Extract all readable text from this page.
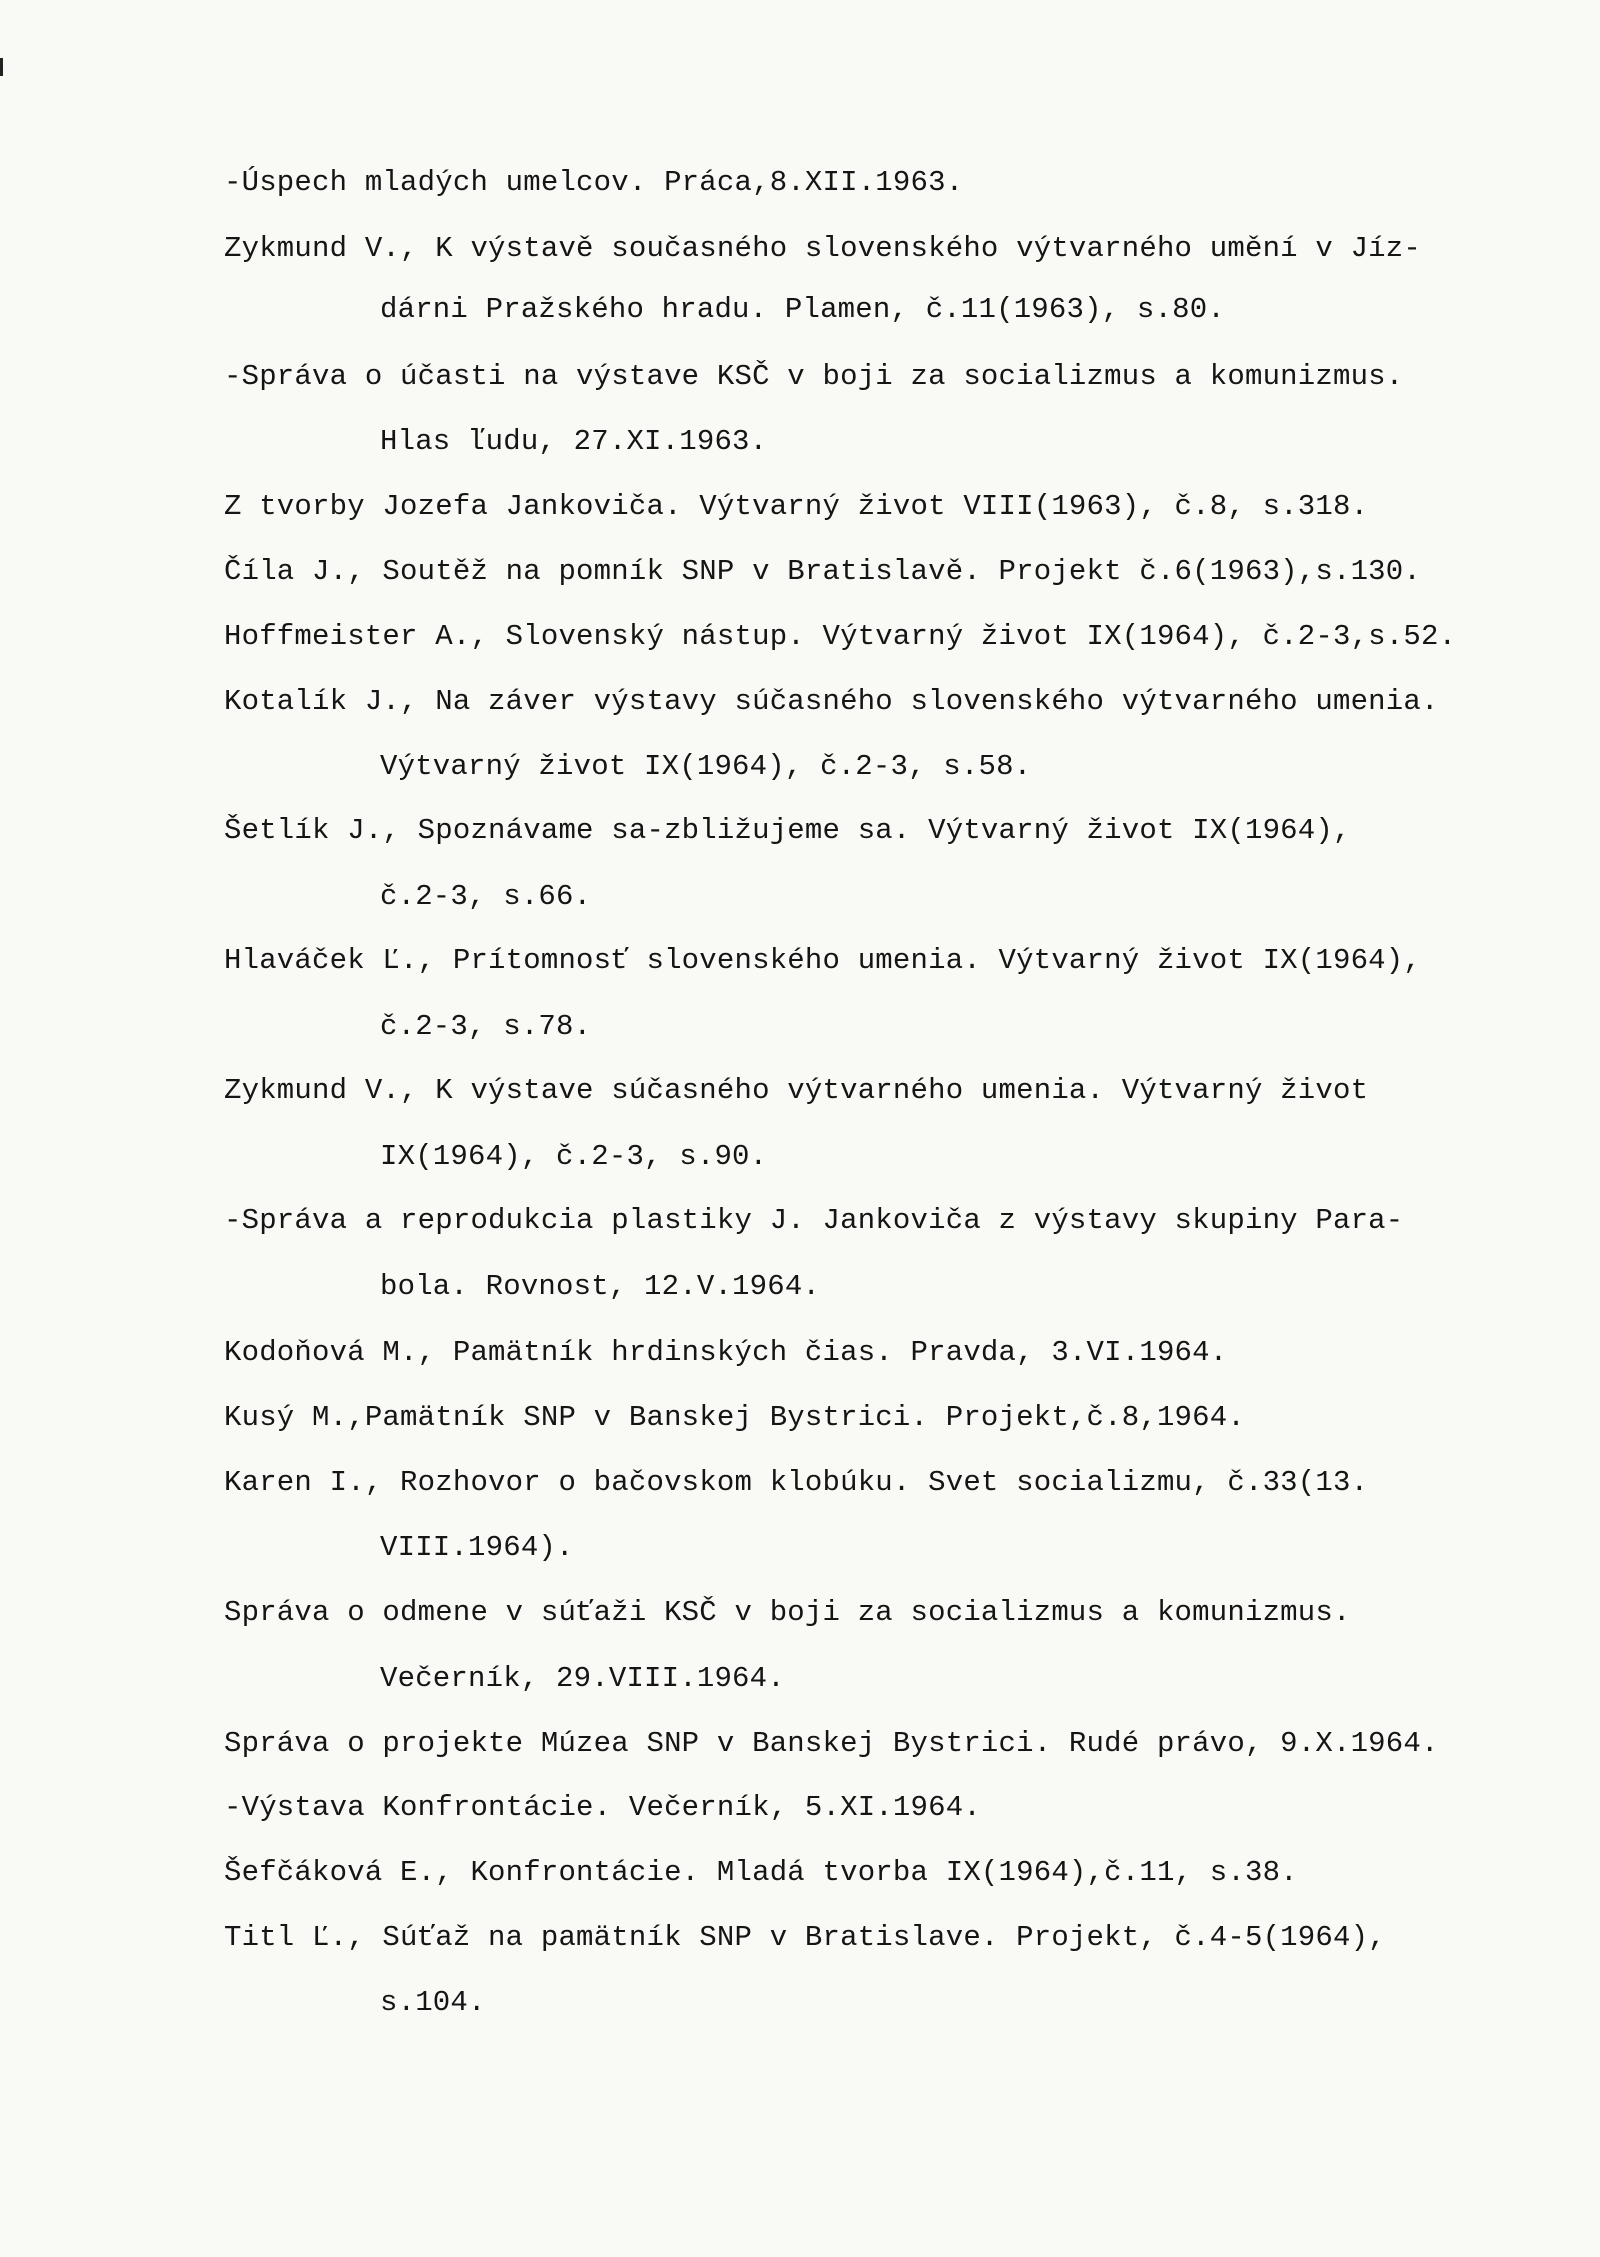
-Úspech mladých umelcov. Práca,8.XII.1963.
Zykmund V., K výstavě současného slovenského výtvarného umění v Jíz-
dárni Pražského hradu. Plamen, č.11(1963), s.80.
-Správa o účasti na výstave KSČ v boji za socializmus a komunizmus.
Hlas ľudu, 27.XI.1963.
Z tvorby Jozefa Jankoviča. Výtvarný život VIII(1963), č.8, s.318.
Číla J., Soutěž na pomník SNP v Bratislavě. Projekt č.6(1963),s.130.
Hoffmeister A., Slovenský nástup. Výtvarný život IX(1964), č.2-3,s.52.
Kotalík J., Na záver výstavy súčasného slovenského výtvarného umenia.
Výtvarný život IX(1964), č.2-3, s.58.
Šetlík J., Spoznávame sa-zbližujeme sa. Výtvarný život IX(1964),
č.2-3, s.66.
Hlaváček Ľ., Prítomnosť slovenského umenia. Výtvarný život IX(1964),
č.2-3, s.78.
Zykmund V., K výstave súčasného výtvarného umenia. Výtvarný život
IX(1964), č.2-3, s.90.
-Správa a reprodukcia plastiky J. Jankoviča z výstavy skupiny Para-
bola. Rovnost, 12.V.1964.
Kodoňová M., Pamätník hrdinských čias. Pravda, 3.VI.1964.
Kusý M.,Pamätník SNP v Banskej Bystrici. Projekt,č.8,1964.
Karen I., Rozhovor o bačovskom klobúku. Svet socializmu, č.33(13.
VIII.1964).
Správa o odmene v súťaži KSČ v boji za socializmus a komunizmus.
Večerník, 29.VIII.1964.
Správa o projekte Múzea SNP v Banskej Bystrici. Rudé právo, 9.X.1964.
-Výstava Konfrontácie. Večerník, 5.XI.1964.
Šefčáková E., Konfrontácie. Mladá tvorba IX(1964),č.11, s.38.
Titl Ľ., Súťaž na pamätník SNP v Bratislave. Projekt, č.4-5(1964),
s.104.
